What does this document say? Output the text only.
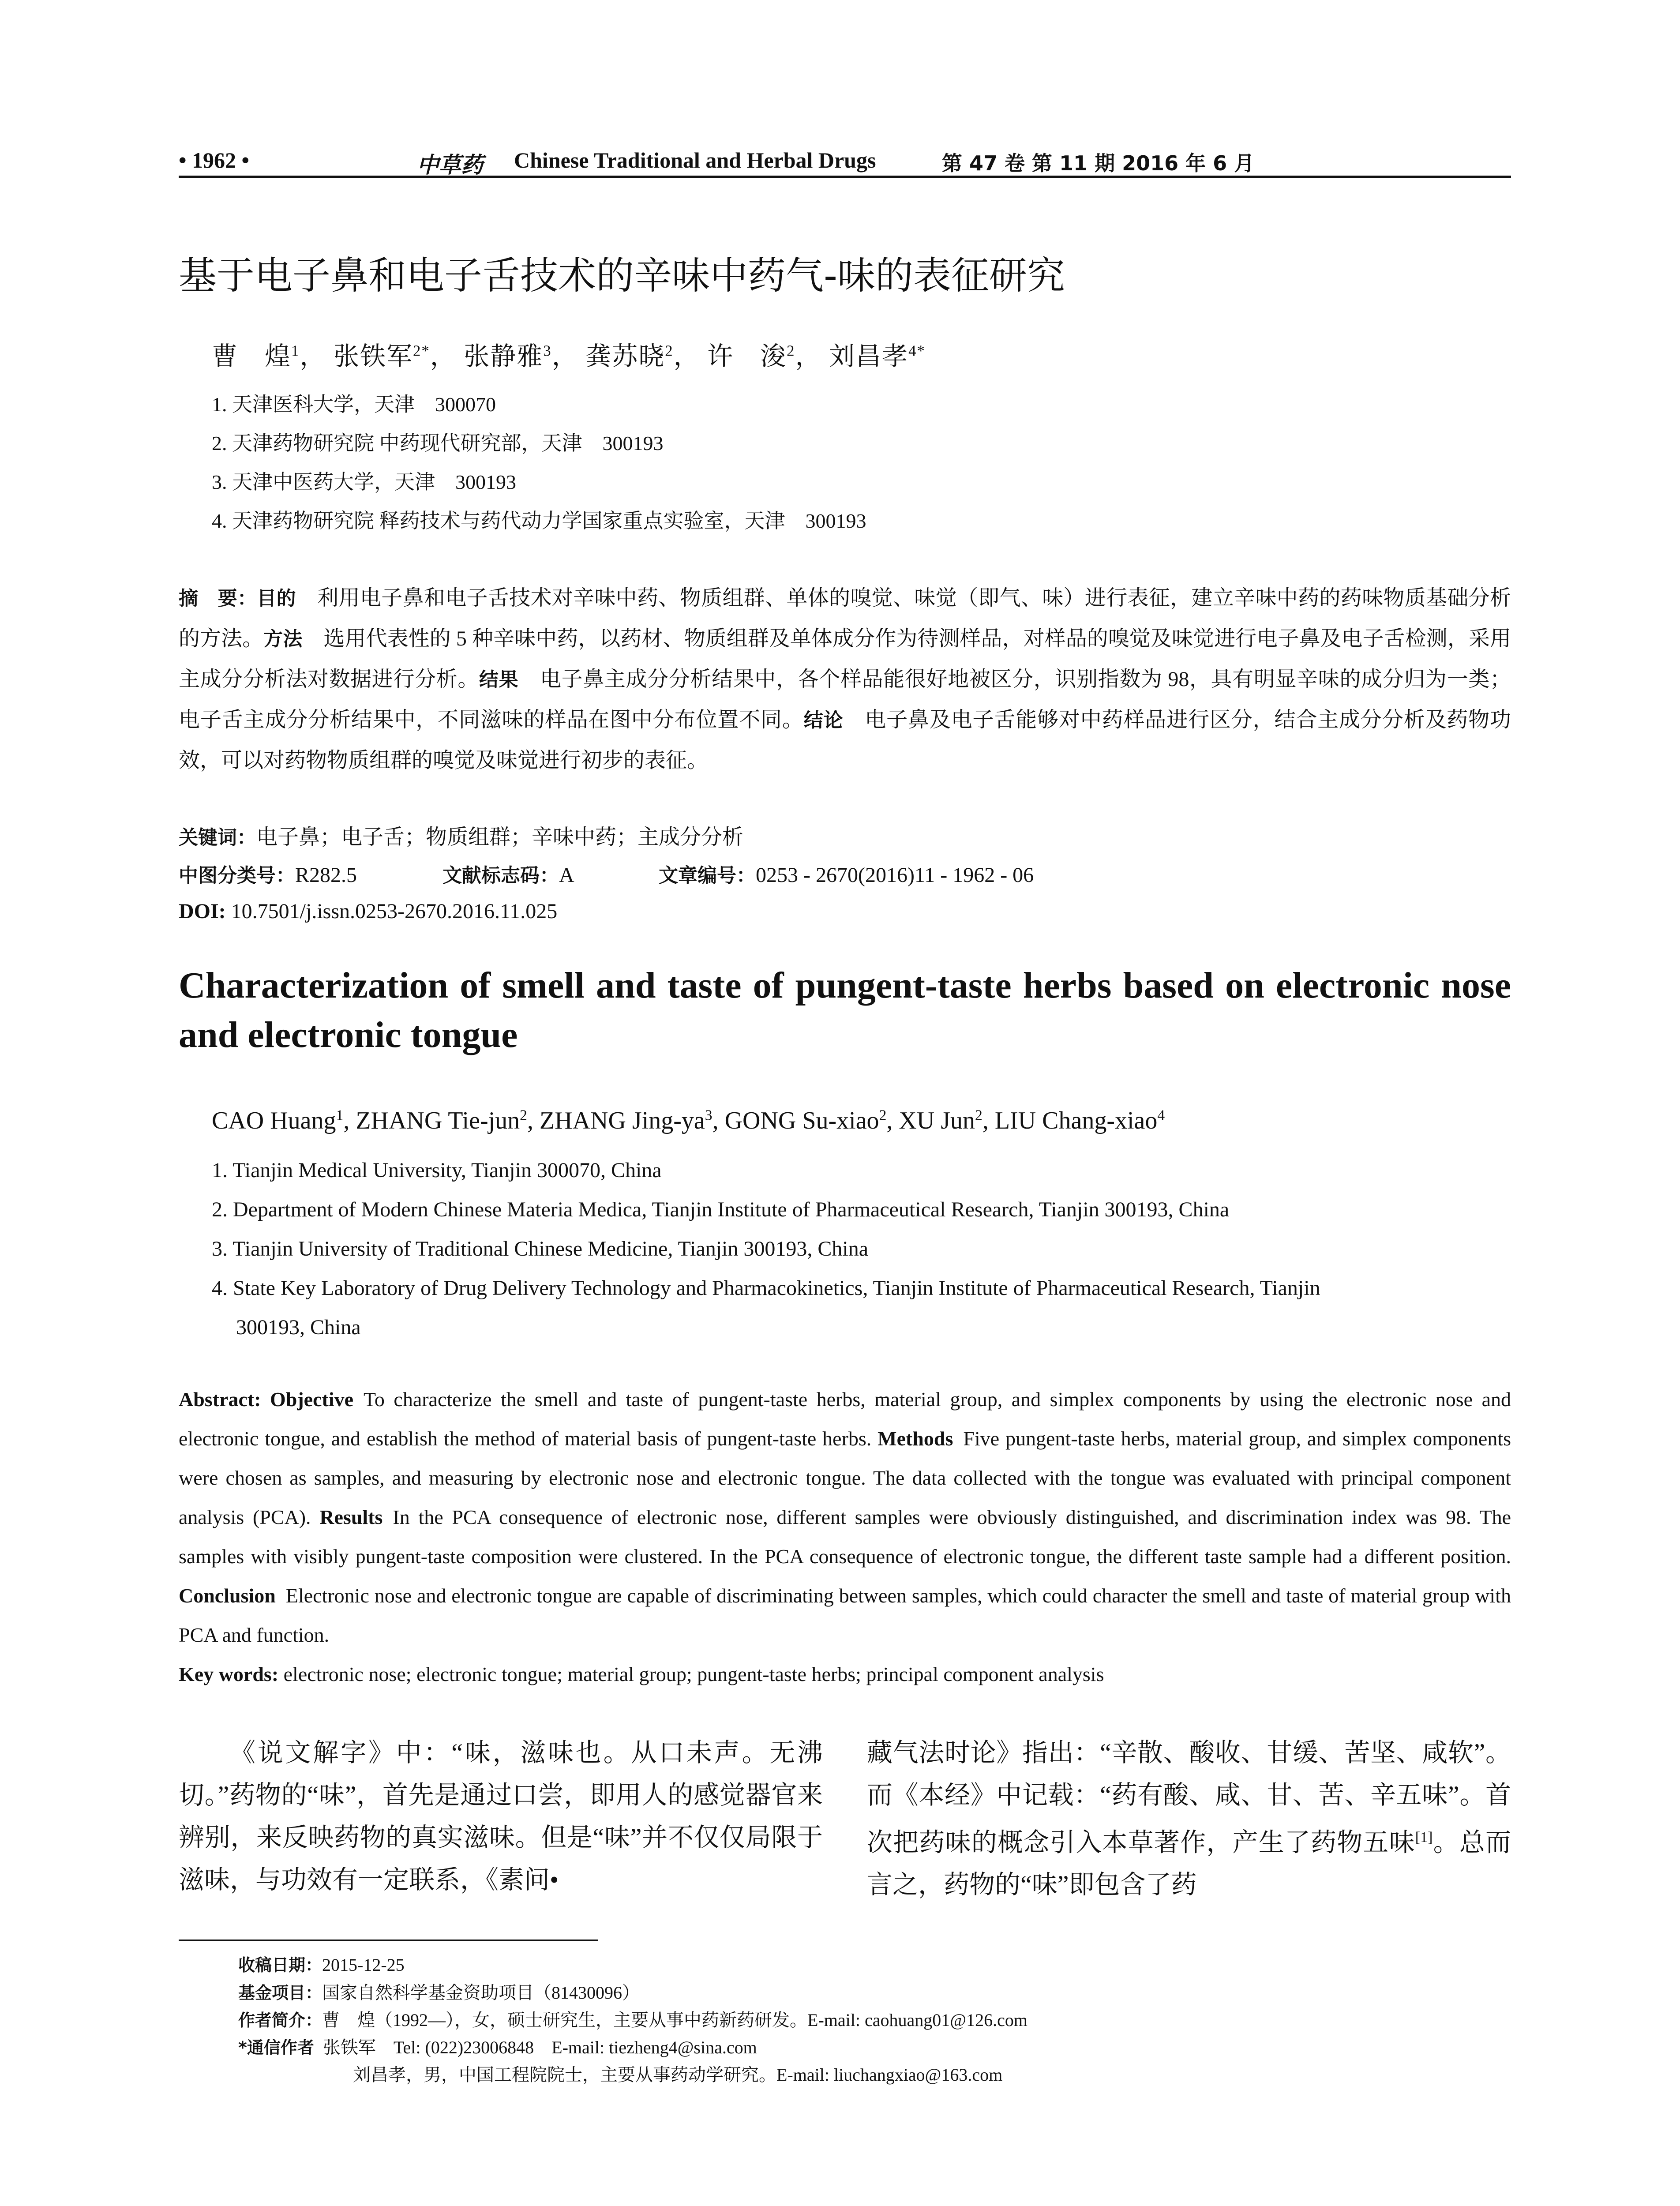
• 1962 •	中草药 Chinese Traditional and Herbal Drugs	第 47 卷 第 11 期 2016 年 6 月
基于电子鼻和电子舌技术的辛味中药气-味的表征研究
曹　煌$^1$， 张铁军$^{2*}$， 张静雅$^3$， 龚苏晓$^2$， 许　浚$^2$， 刘昌孝$^{4*}$
1. 天津医科大学，天津　300070
2. 天津药物研究院 中药现代研究部，天津　300193
3. 天津中医药大学，天津　300193
4. 天津药物研究院 释药技术与药代动力学国家重点实验室，天津　300193
摘　要：目的  利用电子鼻和电子舌技术对辛味中药、物质组群、单体的嗅觉、味觉（即气、味）进行表征，建立辛味中药的药味物质基础分析的方法。方法  选用代表性的 5 种辛味中药，以药材、物质组群及单体成分作为待测样品，对样品的嗅觉及味觉进行电子鼻及电子舌检测，采用主成分分析法对数据进行分析。结果  电子鼻主成分分析结果中，各个样品能很好地被区分，识别指数为 98，具有明显辛味的成分归为一类；电子舌主成分分析结果中，不同滋味的样品在图中分布位置不同。结论  电子鼻及电子舌能够对中药样品进行区分，结合主成分分析及药物功效，可以对药物物质组群的嗅觉及味觉进行初步的表征。
关键词：电子鼻；电子舌；物质组群；辛味中药；主成分分析
中图分类号：R282.5	文献标志码：A	文章编号：0253 - 2670(2016)11 - 1962 - 06
DOI: 10.7501/j.issn.0253-2670.2016.11.025
Characterization of smell and taste of pungent-taste herbs based on electronic nose and electronic tongue
CAO Huang$^1$, ZHANG Tie-jun$^2$, ZHANG Jing-$ya^3$, GONG Su-xiao$^2$, XU Jun$^2$, LIU Chang-xiao$^4$
1. Tianjin Medical University, Tianjin 300070, China
2. Department of Modern Chinese Materia Medica, Tianjin Institute of Pharmaceutical Research, Tianjin 300193, China
3. Tianjin University of Traditional Chinese Medicine, Tianjin 300193, China
4. State Key Laboratory of Drug Delivery Technology and Pharmacokinetics, Tianjin Institute of Pharmaceutical Research, Tianjin
300193, China
Abstract: Objective  To characterize the smell and taste of pungent-taste herbs, material group, and simplex components by using the electronic nose and electronic tongue, and establish the method of material basis of pungent-taste herbs. Methods  Five pungent-taste herbs, material group, and simplex components were chosen as samples, and measuring by electronic nose and electronic tongue. The data collected with the tongue was evaluated with principal component analysis (PCA). Results  In the PCA consequence of electronic nose, different samples were obviously distinguished, and discrimination index was 98. The samples with visibly pungent-taste composition were clustered. In the PCA consequence of electronic tongue, the different taste sample had a different position. Conclusion  Electronic nose and electronic tongue are capable of discriminating between samples, which could character the smell and taste of material group with PCA and function.
Key words: electronic nose; electronic tongue; material group; pungent-taste herbs; principal component analysis
《说文解字》中：“味，滋味也。从口未声。无沸切。”药物的“味”，首先是通过口尝，即用人的感觉器官来辨别，来反映药物的真实滋味。但是“味”并不仅仅局限于滋味，与功效有一定联系，《素问•
藏气法时论》指出：“辛散、酸收、甘缓、苦坚、咸软”。而《本经》中记载：“药有酸、咸、甘、苦、辛五味”。首次把药味的概念引入本草著作，产生了药物五味[1]。总而言之，药物的“味”即包含了药
收稿日期：2015-12-25
基金项目：国家自然科学基金资助项目（81430096）
作者简介：曹　煌（1992—），女，硕士研究生，主要从事中药新药研发。E-mail: caohuang01@126.com
*通信作者  张铁军　Tel: (022)23006848　E-mail: tiezheng4@sina.com
刘昌孝，男，中国工程院院士，主要从事药动学研究。E-mail: liuchangxiao@163.com
